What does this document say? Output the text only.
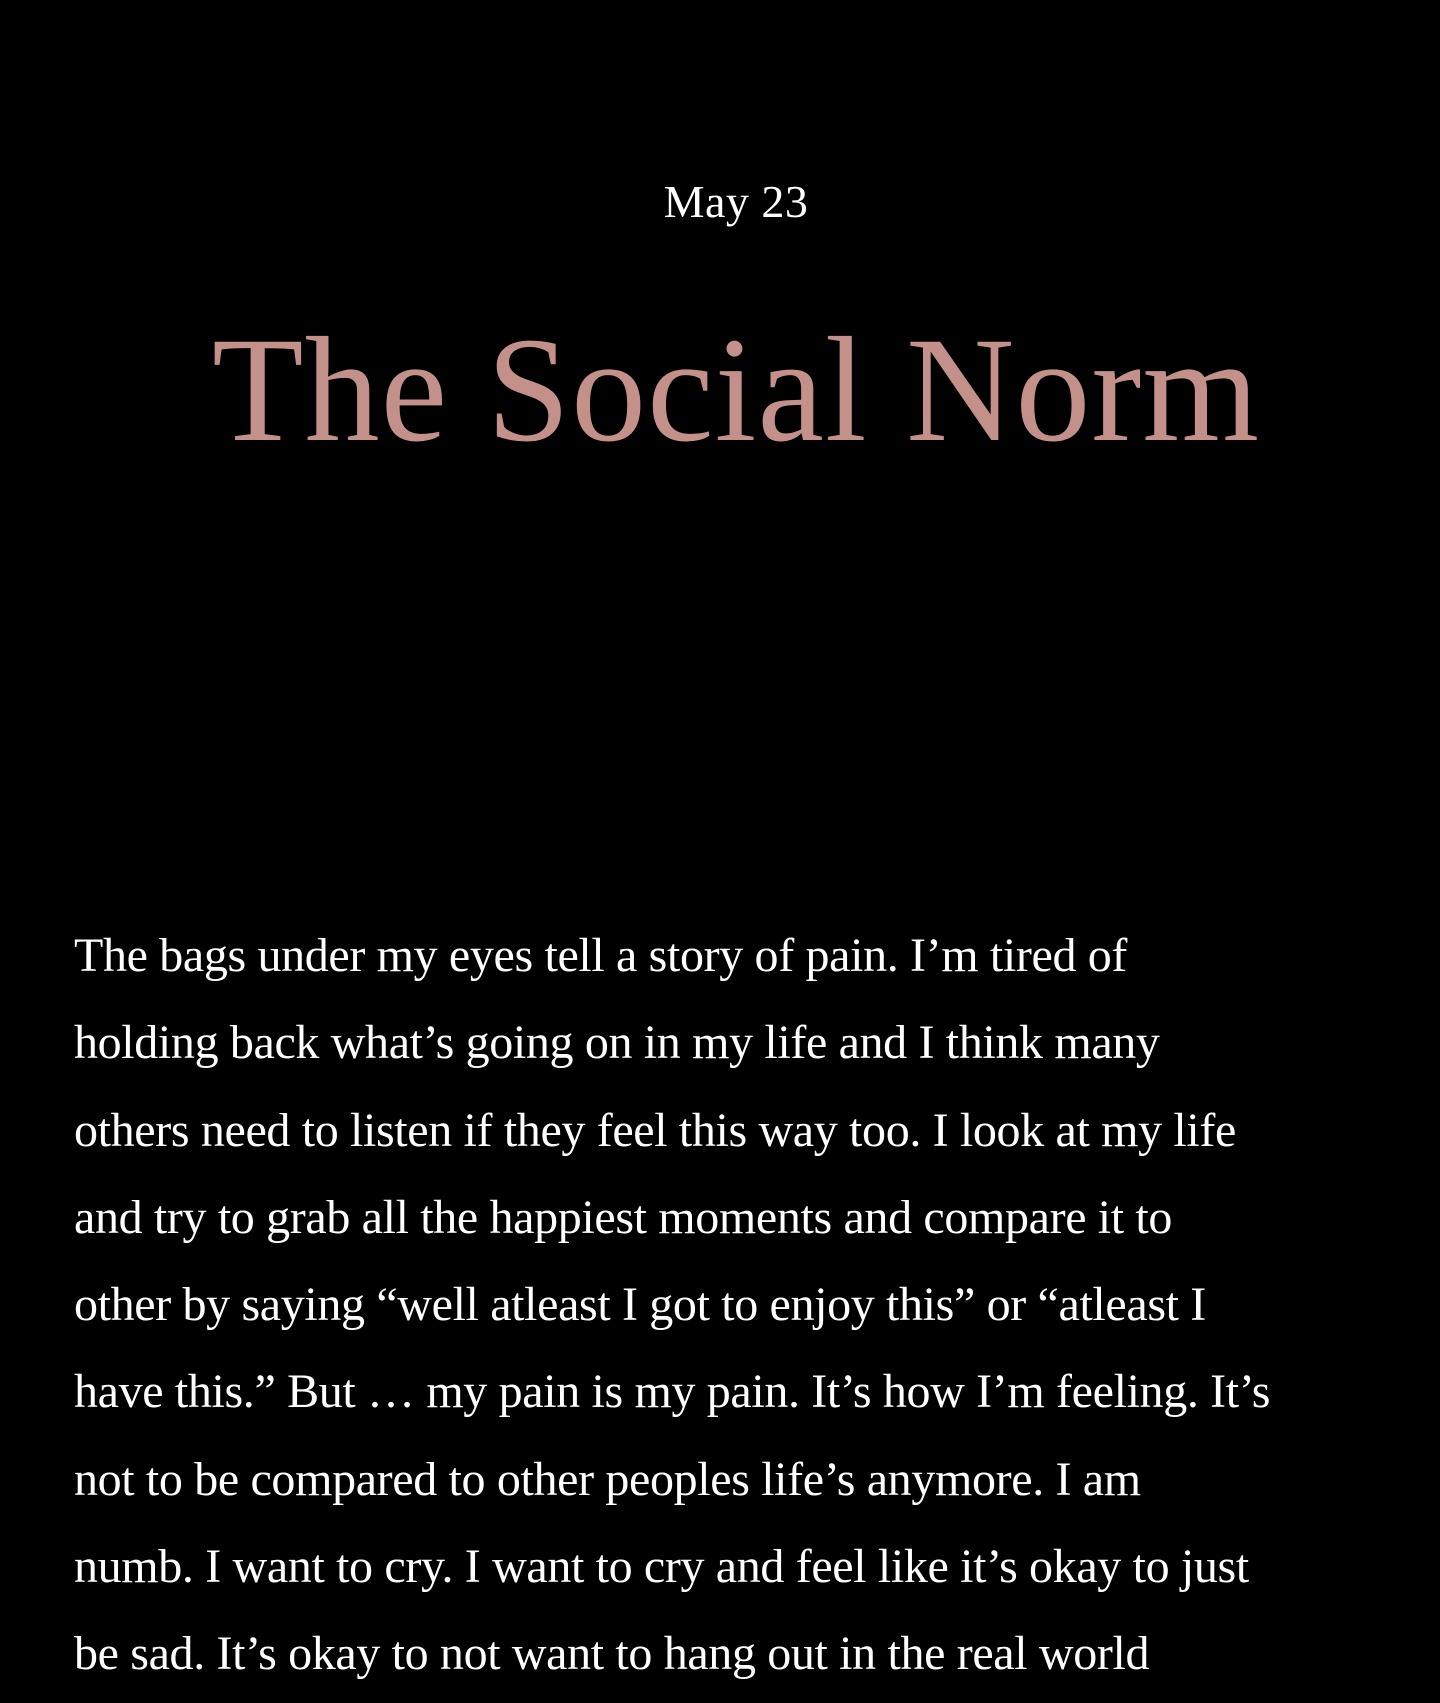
May 23
The Social Norm
The bags under my eyes tell a story of pain. I’m tired of
holding back what’s going on in my life and I think many
others need to listen if they feel this way too. I look at my life
and try to grab all the happiest moments and compare it to
other by saying “well atleast I got to enjoy this” or “atleast I
have this.” But … my pain is my pain. It’s how I’m feeling. It’s
not to be compared to other peoples life’s anymore. I am
numb. I want to cry. I want to cry and feel like it’s okay to just
be sad. It’s okay to not want to hang out in the real world
